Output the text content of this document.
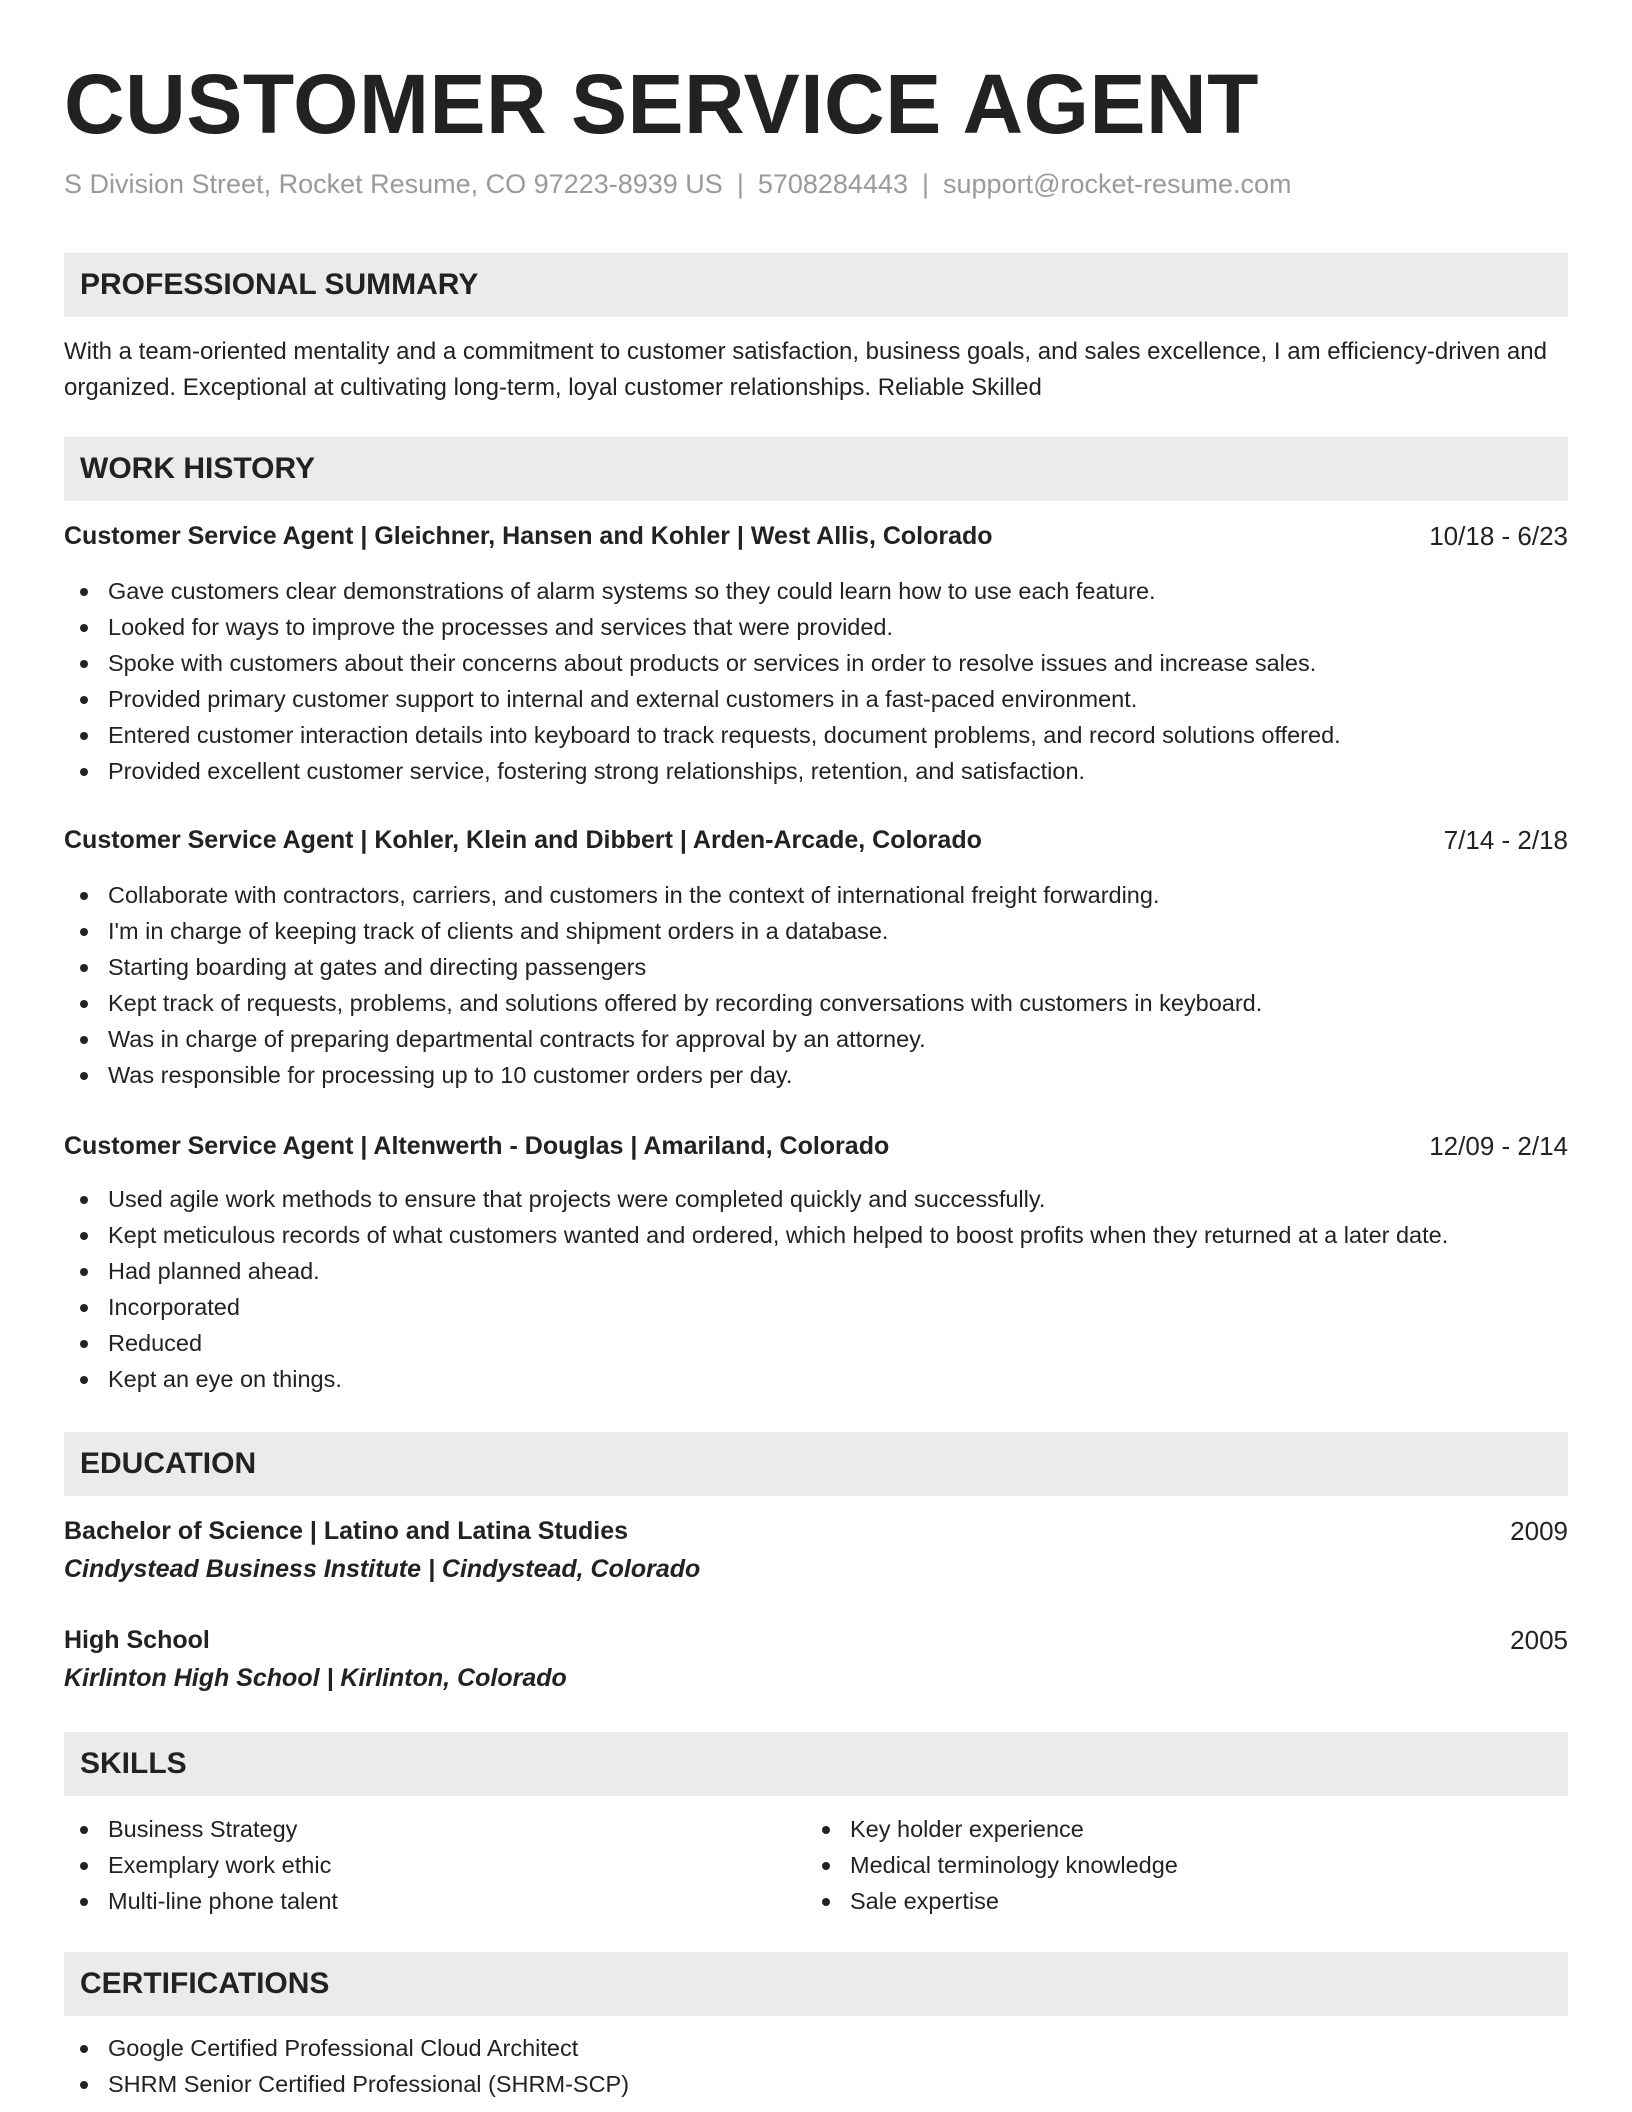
CUSTOMER SERVICE AGENT
S Division Street, Rocket Resume, CO 97223-8939 US | 5708284443 | support@rocket-resume.com
PROFESSIONAL SUMMARY
With a team-oriented mentality and a commitment to customer satisfaction, business goals, and sales excellence, I am efficiency-driven and organized. Exceptional at cultivating long-term, loyal customer relationships. Reliable Skilled
WORK HISTORY
Customer Service Agent | Gleichner, Hansen and Kohler | West Allis, Colorado	10/18 - 6/23
Gave customers clear demonstrations of alarm systems so they could learn how to use each feature.
Looked for ways to improve the processes and services that were provided.
Spoke with customers about their concerns about products or services in order to resolve issues and increase sales.
Provided primary customer support to internal and external customers in a fast-paced environment.
Entered customer interaction details into keyboard to track requests, document problems, and record solutions offered.
Provided excellent customer service, fostering strong relationships, retention, and satisfaction.
Customer Service Agent | Kohler, Klein and Dibbert | Arden-Arcade, Colorado	7/14 - 2/18
Collaborate with contractors, carriers, and customers in the context of international freight forwarding.
I'm in charge of keeping track of clients and shipment orders in a database.
Starting boarding at gates and directing passengers
Kept track of requests, problems, and solutions offered by recording conversations with customers in keyboard.
Was in charge of preparing departmental contracts for approval by an attorney.
Was responsible for processing up to 10 customer orders per day.
Customer Service Agent | Altenwerth - Douglas | Amariland, Colorado	12/09 - 2/14
Used agile work methods to ensure that projects were completed quickly and successfully.
Kept meticulous records of what customers wanted and ordered, which helped to boost profits when they returned at a later date.
Had planned ahead.
Incorporated
Reduced
Kept an eye on things.
EDUCATION
Bachelor of Science | Latino and Latina Studies	2009
Cindystead Business Institute | Cindystead, Colorado
High School	2005
Kirlinton High School | Kirlinton, Colorado
SKILLS
Business Strategy
Exemplary work ethic
Multi-line phone talent
Key holder experience
Medical terminology knowledge
Sale expertise
CERTIFICATIONS
Google Certified Professional Cloud Architect
SHRM Senior Certified Professional (SHRM-SCP)
